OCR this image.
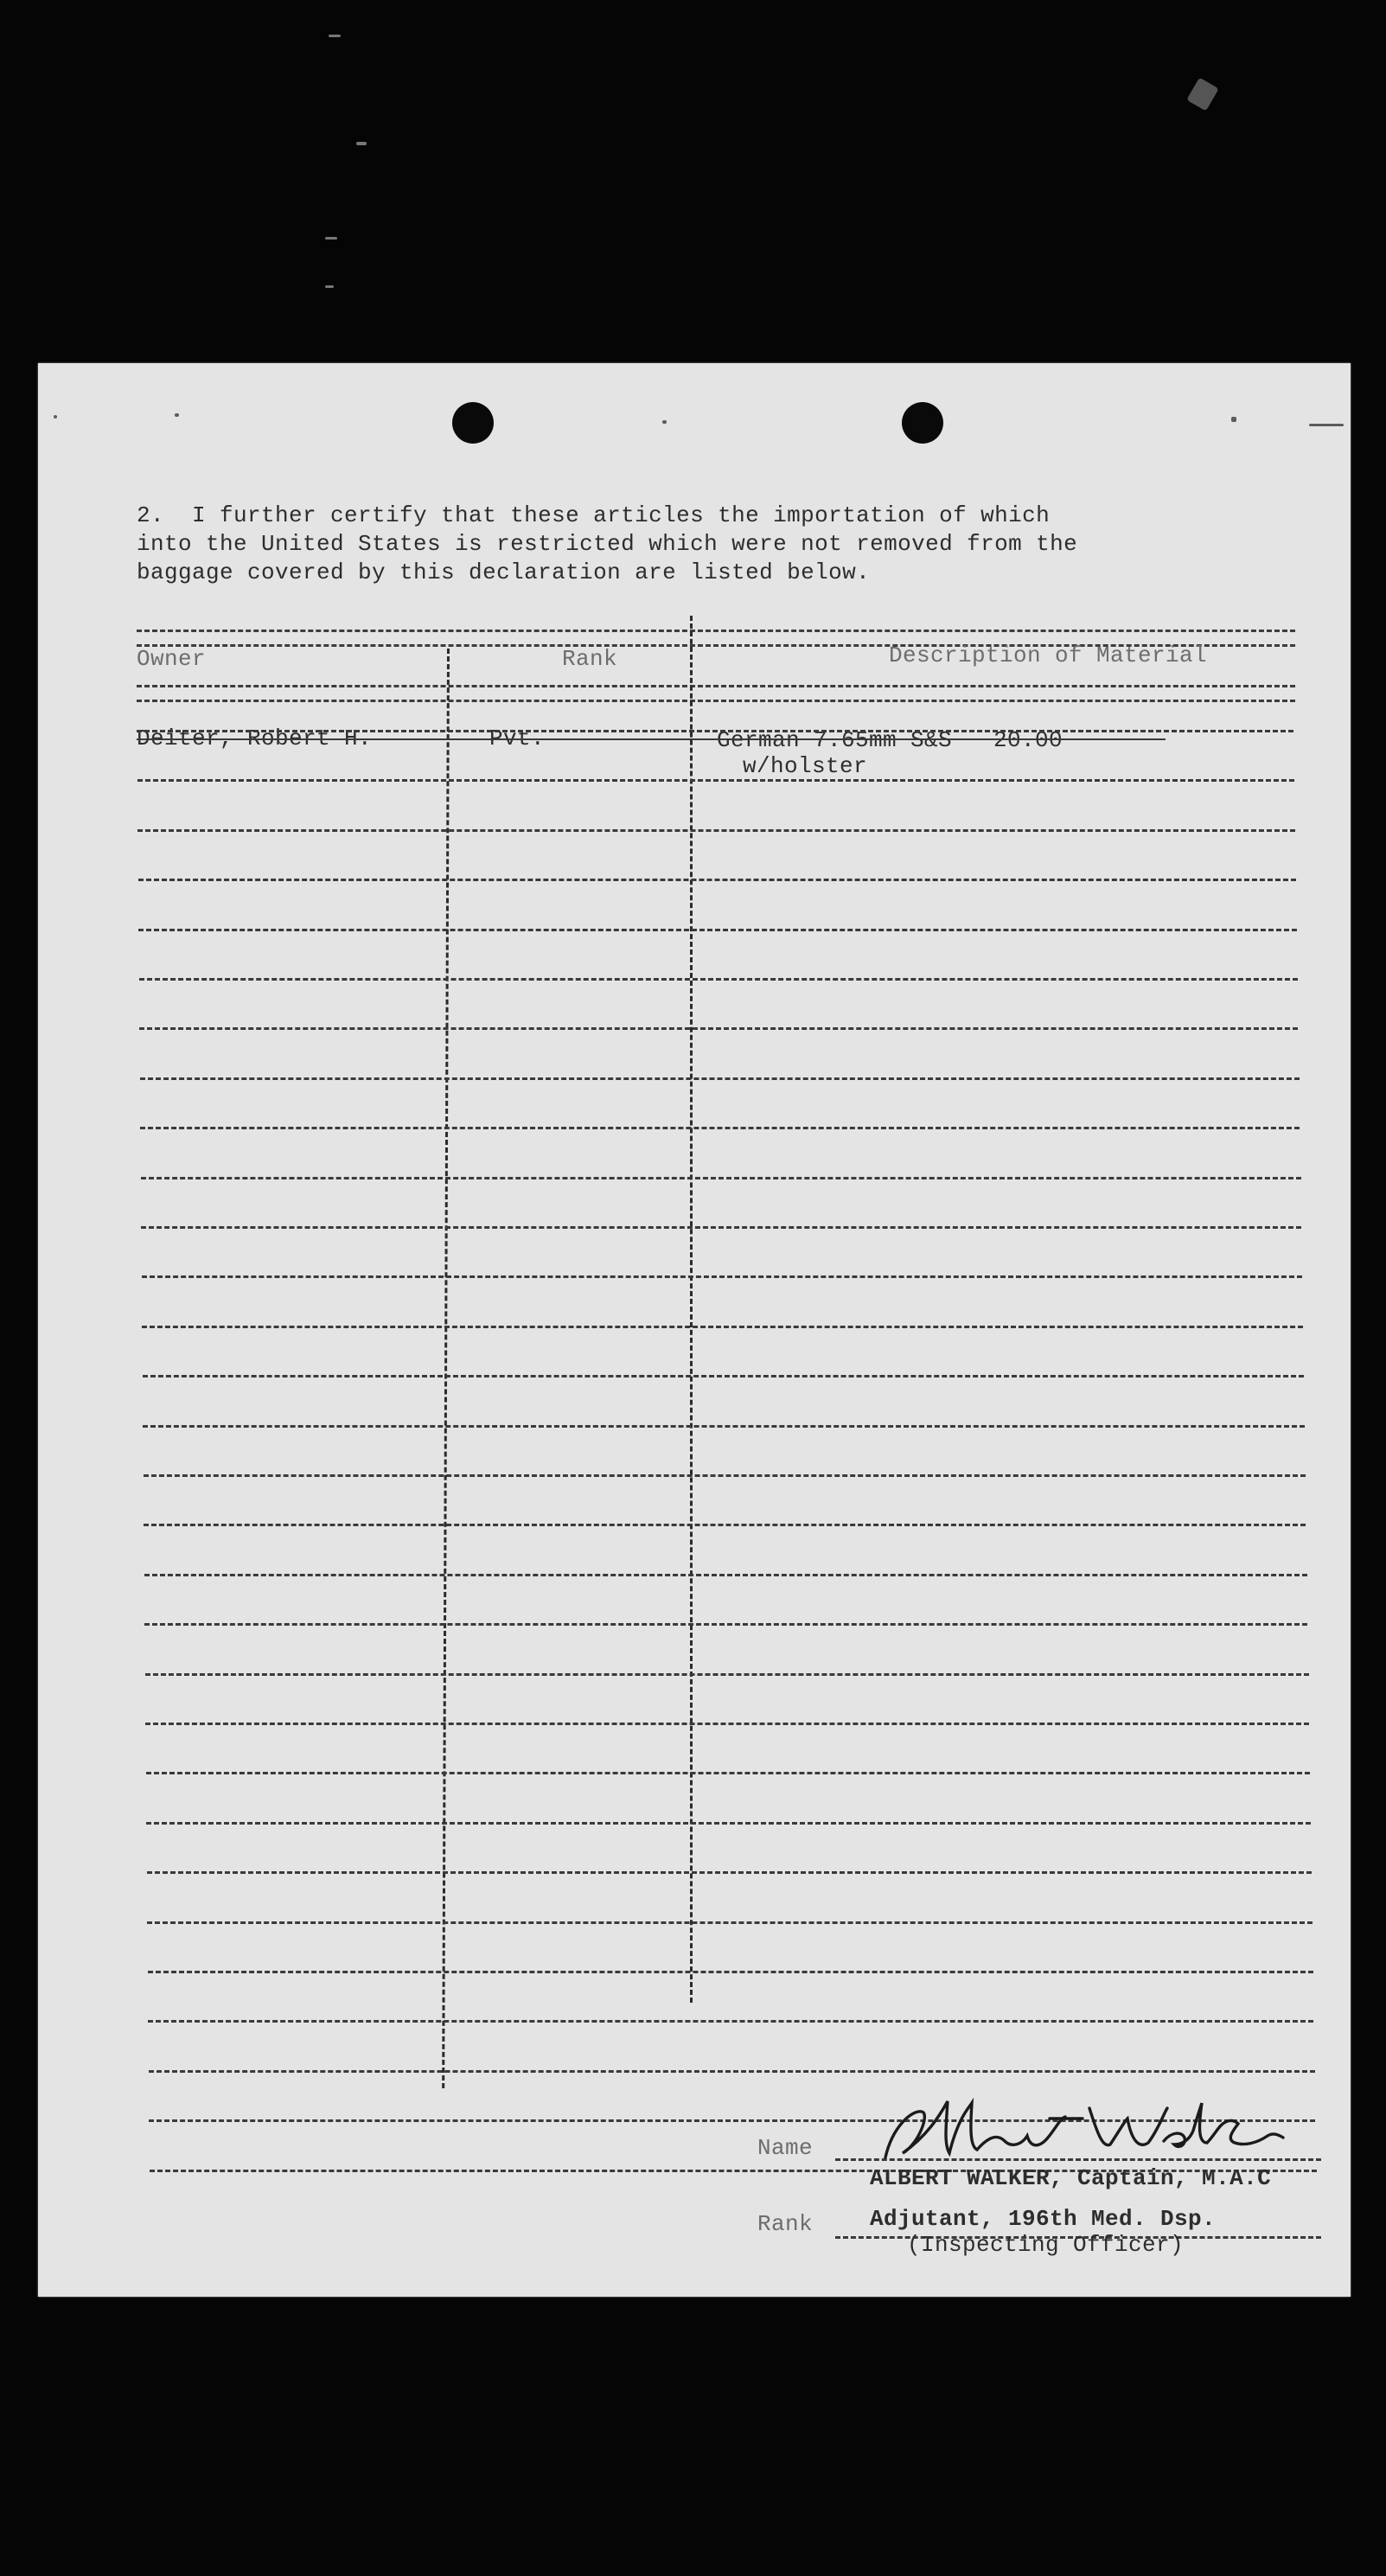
2.  I further certify that these articles the importation of which
into the United States is restricted which were not removed from the
baggage covered by this declaration are listed below.
Owner	Rank	Description of Material
Deiter, Robert H.	Pvt.	German 7.65mm S&S   20.00
w/holster
Name
ALBERT WALKER, Captain, M.A.C
Rank	Adjutant, 196th Med. Dsp.
(Inspecting Officer)
